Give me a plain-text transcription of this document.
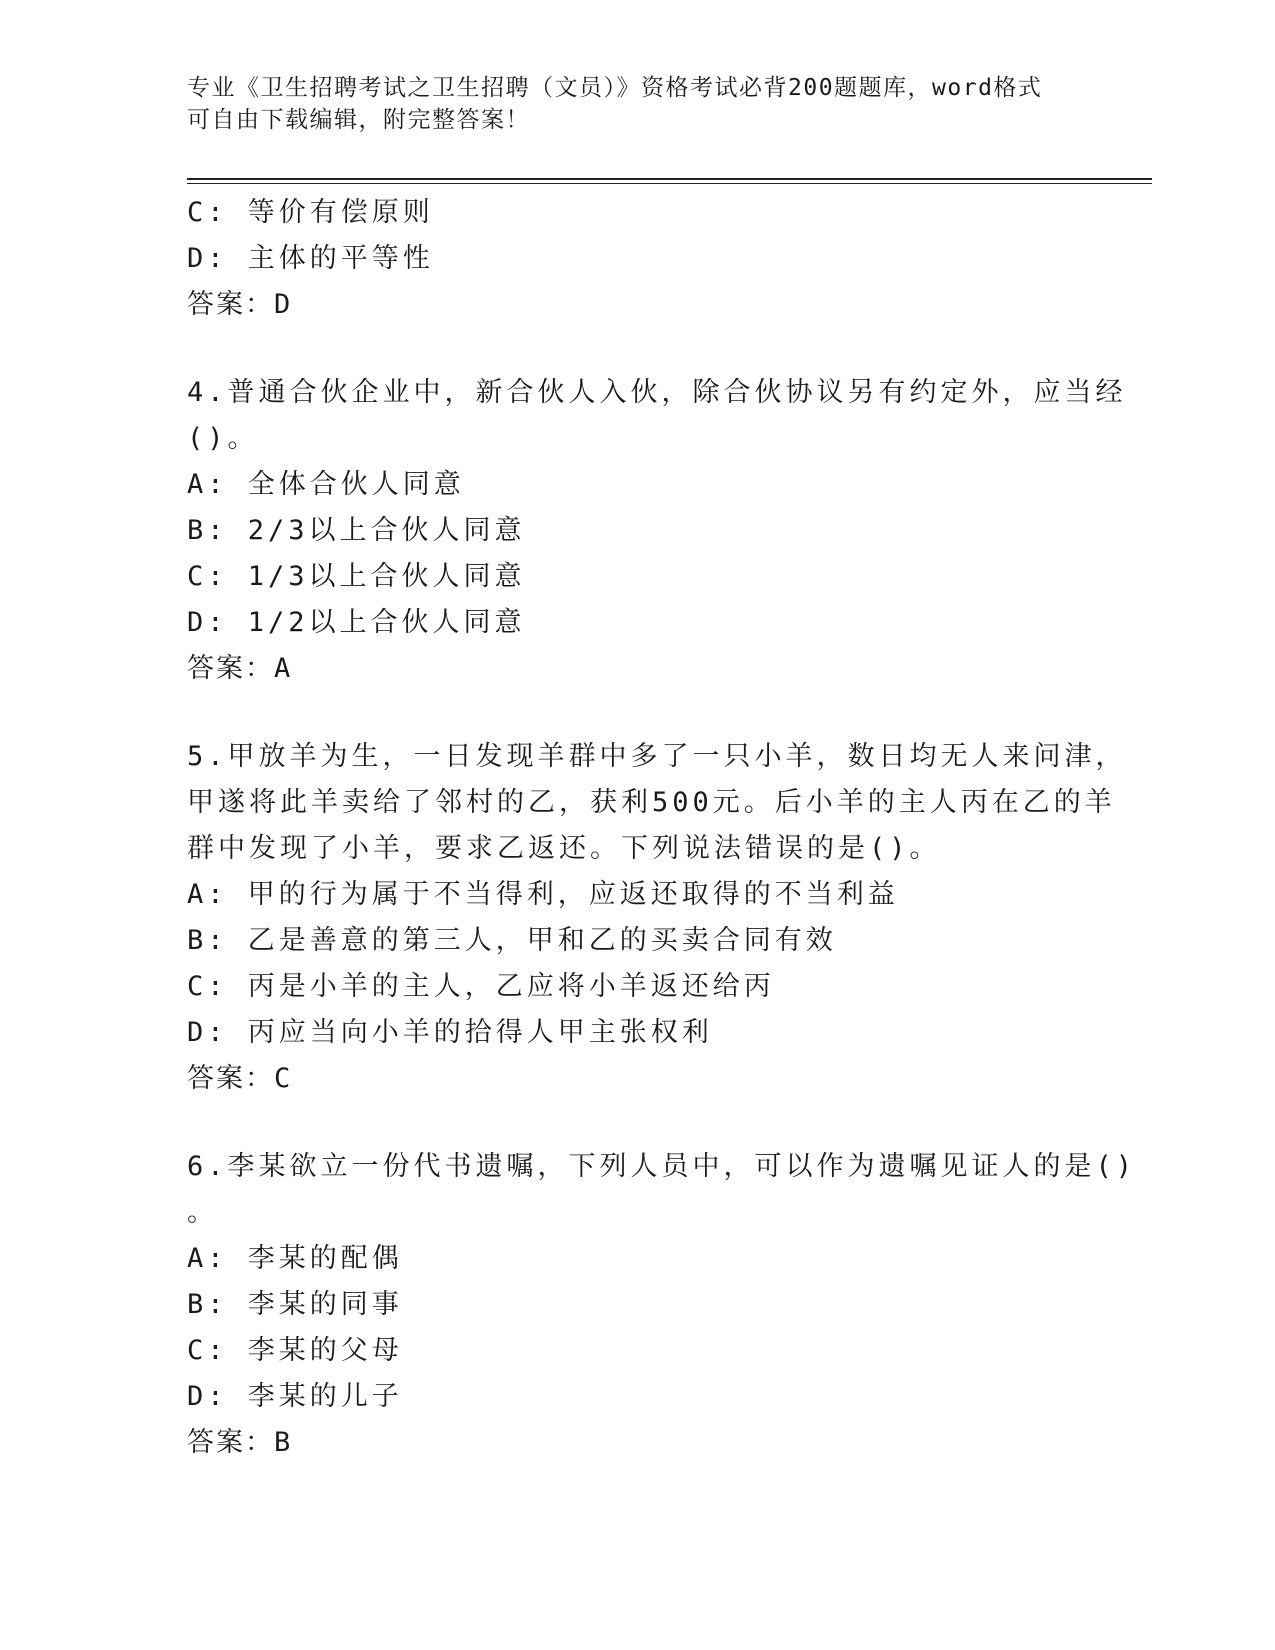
专业《卫生招聘考试之卫生招聘（文员）》资格考试必背200题题库，word格式
可自由下载编辑，附完整答案！
C: 等价有偿原则
D: 主体的平等性
答案：D
4.普通合伙企业中，新合伙人入伙，除合伙协议另有约定外，应当经
()。
A: 全体合伙人同意
B: 2/3以上合伙人同意
C: 1/3以上合伙人同意
D: 1/2以上合伙人同意
答案：A
5.甲放羊为生，一日发现羊群中多了一只小羊，数日均无人来问津，
甲遂将此羊卖给了邻村的乙，获利500元。后小羊的主人丙在乙的羊
群中发现了小羊，要求乙返还。下列说法错误的是()。
A: 甲的行为属于不当得利，应返还取得的不当利益
B: 乙是善意的第三人，甲和乙的买卖合同有效
C: 丙是小羊的主人，乙应将小羊返还给丙
D: 丙应当向小羊的拾得人甲主张权利
答案：C
6.李某欲立一份代书遗嘱，下列人员中，可以作为遗嘱见证人的是()
。
A: 李某的配偶
B: 李某的同事
C: 李某的父母
D: 李某的儿子
答案：B
